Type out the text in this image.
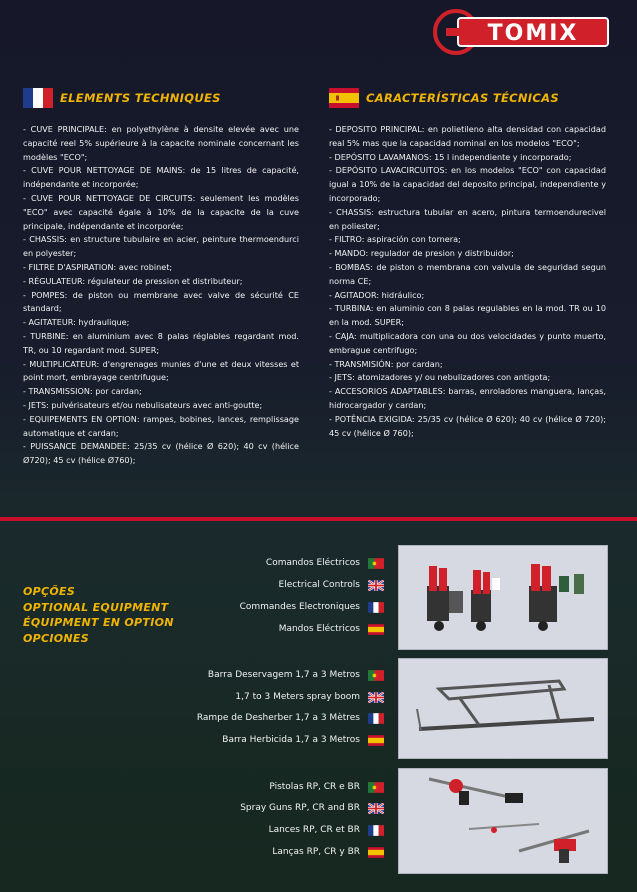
TOMIX
ELEMENTS TECHNIQUES	CARACTERÍSTICAS TÉCNICAS

- CUVE PRINCIPALE: en polyethylène à densite elevée avec une capacité reel 5% supérieure à la capacite nominale concernant les modèles "ECO";

- CUVE POUR NETTOYAGE DE MAINS: de 15 litres de capacité, indépendante et incorporée;

- CUVE POUR NETTOYAGE DE CIRCUITS: seulement les modèles "ECO" avec capacité égale à 10% de la capacite de la cuve principale, indépendante et incorporée;

- CHASSIS: en structure tubulaire en acier, peinture thermoendurci en polyester;

- FILTRE D'ASPIRATION: avec robinet;

- RÉGULATEUR: régulateur de pression et distributeur;

- POMPES: de piston ou membrane avec valve de sécurité CE standard;

- AGITATEUR: hydraulique;

- TURBINE: en aluminium avec 8 palas réglables regardant mod. TR, ou 10 regardant mod. SUPER;

- MULTIPLICATEUR: d'engrenages munies d'une et deux vitesses et point mort, embrayage centrifugue;

- TRANSMISSION: por cardan;

- JETS: pulvérisateurs et/ou nebulisateurs avec anti-goutte;

- EQUIPEMENTS EN OPTION: rampes, bobines, lances, remplissage automatique et cardan;

- PUISSANCE DEMANDEE: 25/35 cv (hélice Ø 620); 40 cv (hélice Ø720); 45 cv (hélice Ø760);

- DEPOSITO PRINCIPAL: en polietileno alta densidad con capacidad real 5% mas que la capacidad nominal en los modelos "ECO";

- DEPÓSITO LAVAMANOS: 15 l independiente y incorporado;

- DEPÓSITO LAVACIRCUITOS: en los modelos "ECO" con capacidad igual a 10% de la capacidad del deposito principal, independiente y incorporado;

- CHASSIS: estructura tubular en acero, pintura termoendurecivel en poliester;

- FILTRO: aspiración con tornera;

- MANDO: regulador de presion y distribuidor;

- BOMBAS: de piston o membrana con valvula de seguridad segun norma CE;

- AGITADOR: hidráulico;

- TURBINA: en aluminio con 8 palas regulables en la mod. TR ou 10 en la mod. SUPER;

- CAJA: multiplicadora con una ou dos velocidades y punto muerto, embrague centrifugo;

- TRANSMISIÓN: por cardan;

- JETS: atomizadores y/ ou nebulizadores con antigota;

- ACCESORIOS ADAPTABLES: barras, enroladores manguera, lanças, hidrocargador y cardan;

- POTÊNCIA EXIGIDA: 25/35 cv (hélice Ø 620); 40 cv (hélice Ø 720); 45 cv (hélice Ø 760);

OPÇÕES
OPTIONAL EQUIPMENT
ÉQUIPMENT EN OPTION
OPCIONES
Comandos Eléctricos
Electrical Controls
Commandes Electroniques
Mandos Eléctricos
Barra Deservagem 1,7 a 3 Metros
1,7 to 3 Meters spray boom
Rampe de Desherber 1,7 a 3 Mètres
Barra Herbicida 1,7 a 3 Metros
Pistolas RP, CR e BR
Spray Guns RP, CR and BR
Lances RP, CR et BR
Lanças RP, CR y BR
